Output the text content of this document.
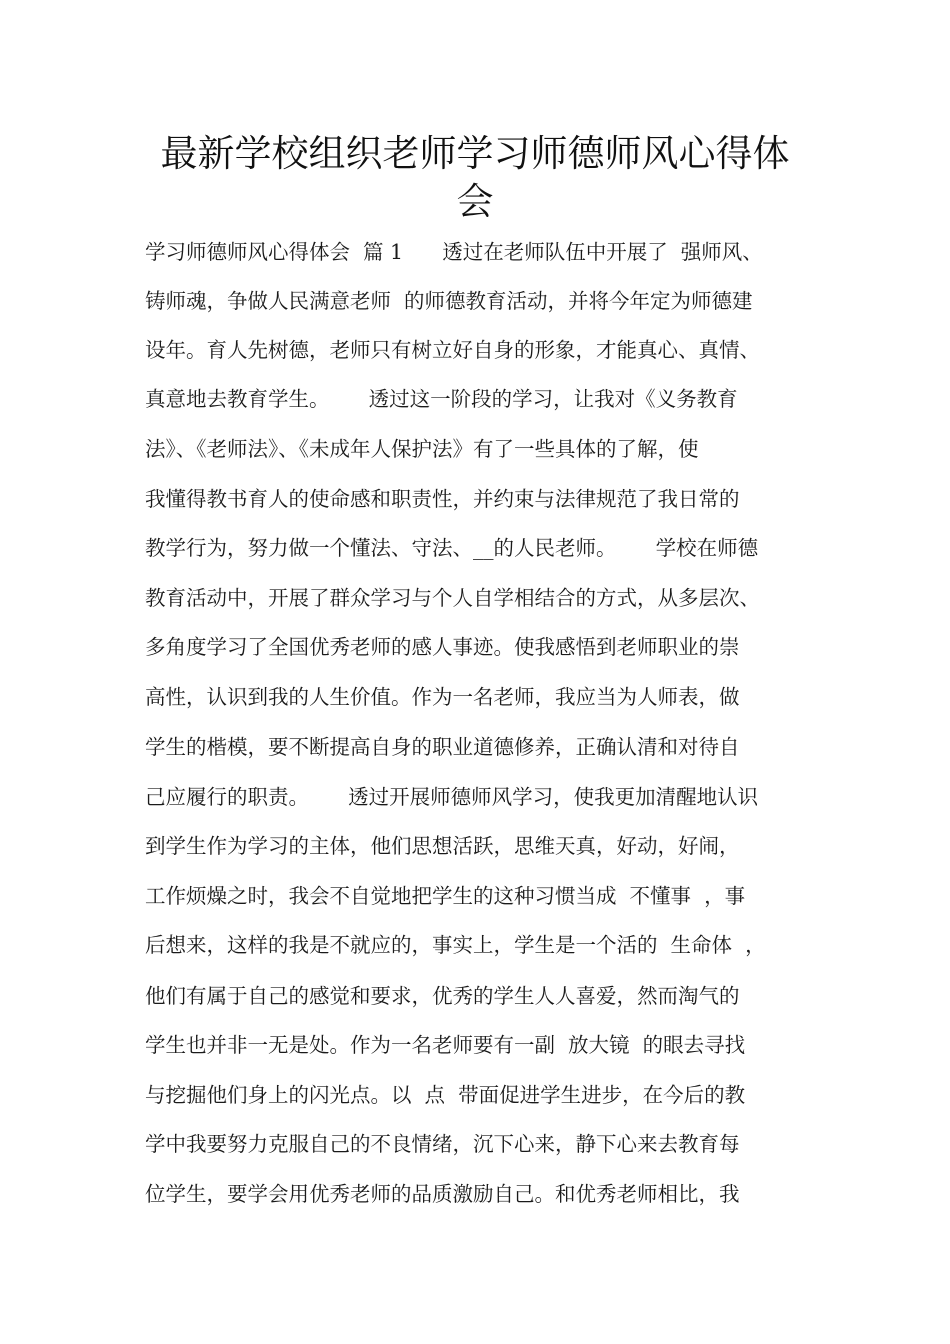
最新学校组织老师学习师德师风心得体
会
学习师德师风心得体会  篇 1      透过在老师队伍中开展了  强师风、
铸师魂，争做人民满意老师  的师德教育活动，并将今年定为师德建
设年。育人先树德，老师只有树立好自身的形象，才能真心、真情、
真意地去教育学生。      透过这一阶段的学习，让我对《义务教育
法》、《老师法》、《未成年人保护法》有了一些具体的了解，使
我懂得教书育人的使命感和职责性，并约束与法律规范了我日常的
教学行为，努力做一个懂法、守法、__的人民老师。      学校在师德
教育活动中，开展了群众学习与个人自学相结合的方式，从多层次、
多角度学习了全国优秀老师的感人事迹。使我感悟到老师职业的崇
高性，认识到我的人生价值。作为一名老师，我应当为人师表，做
学生的楷模，要不断提高自身的职业道德修养，正确认清和对待自
己应履行的职责。      透过开展师德师风学习，使我更加清醒地认识
到学生作为学习的主体，他们思想活跃，思维天真，好动，好闹，
工作烦燥之时，我会不自觉地把学生的这种习惯当成  不懂事  ，事
后想来，这样的我是不就应的，事实上，学生是一个活的  生命体  ，
他们有属于自己的感觉和要求，优秀的学生人人喜爱，然而淘气的
学生也并非一无是处。作为一名老师要有一副  放大镜  的眼去寻找
与挖掘他们身上的闪光点。以  点  带面促进学生进步，在今后的教
学中我要努力克服自己的不良情绪，沉下心来，静下心来去教育每
位学生，要学会用优秀老师的品质激励自己。和优秀老师相比，我
